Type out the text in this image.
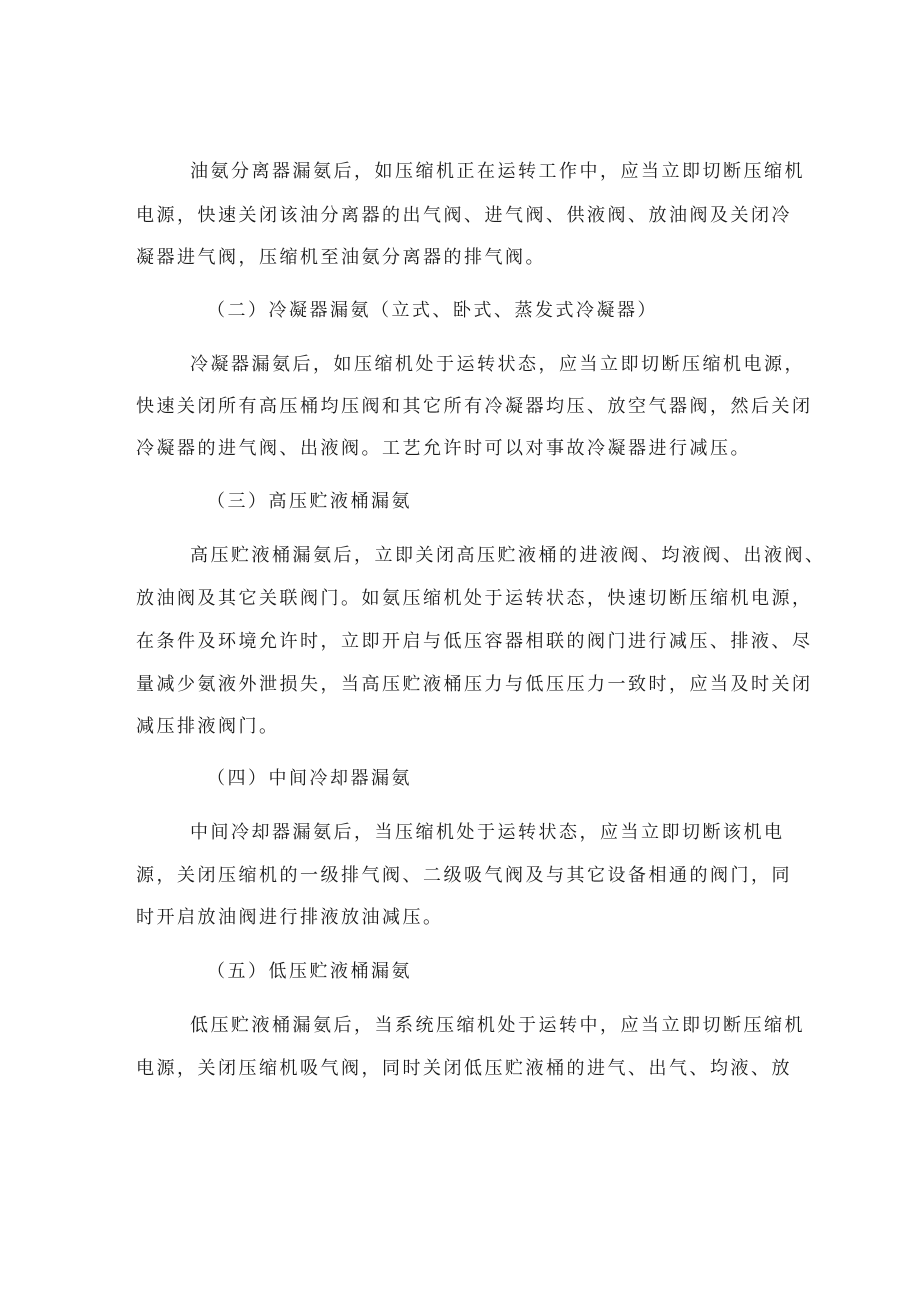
油氨分离器漏氨后，如压缩机正在运转工作中，应当立即切断压缩机
电源，快速关闭该油分离器的出气阀、进气阀、供液阀、放油阀及关闭冷
凝器进气阀，压缩机至油氨分离器的排气阀。
（二）冷凝器漏氨（立式、卧式、蒸发式冷凝器）
冷凝器漏氨后，如压缩机处于运转状态，应当立即切断压缩机电源，
快速关闭所有高压桶均压阀和其它所有冷凝器均压、放空气器阀，然后关闭
冷凝器的进气阀、出液阀。工艺允许时可以对事故冷凝器进行减压。
（三）高压贮液桶漏氨
高压贮液桶漏氨后，立即关闭高压贮液桶的进液阀、均液阀、出液阀、
放油阀及其它关联阀门。如氨压缩机处于运转状态，快速切断压缩机电源，
在条件及环境允许时，立即开启与低压容器相联的阀门进行减压、排液、尽
量减少氨液外泄损失，当高压贮液桶压力与低压压力一致时，应当及时关闭
减压排液阀门。
（四）中间冷却器漏氨
中间冷却器漏氨后，当压缩机处于运转状态，应当立即切断该机电
源，关闭压缩机的一级排气阀、二级吸气阀及与其它设备相通的阀门，同
时开启放油阀进行排液放油减压。
（五）低压贮液桶漏氨
低压贮液桶漏氨后，当系统压缩机处于运转中，应当立即切断压缩机
电源，关闭压缩机吸气阀，同时关闭低压贮液桶的进气、出气、均液、放
